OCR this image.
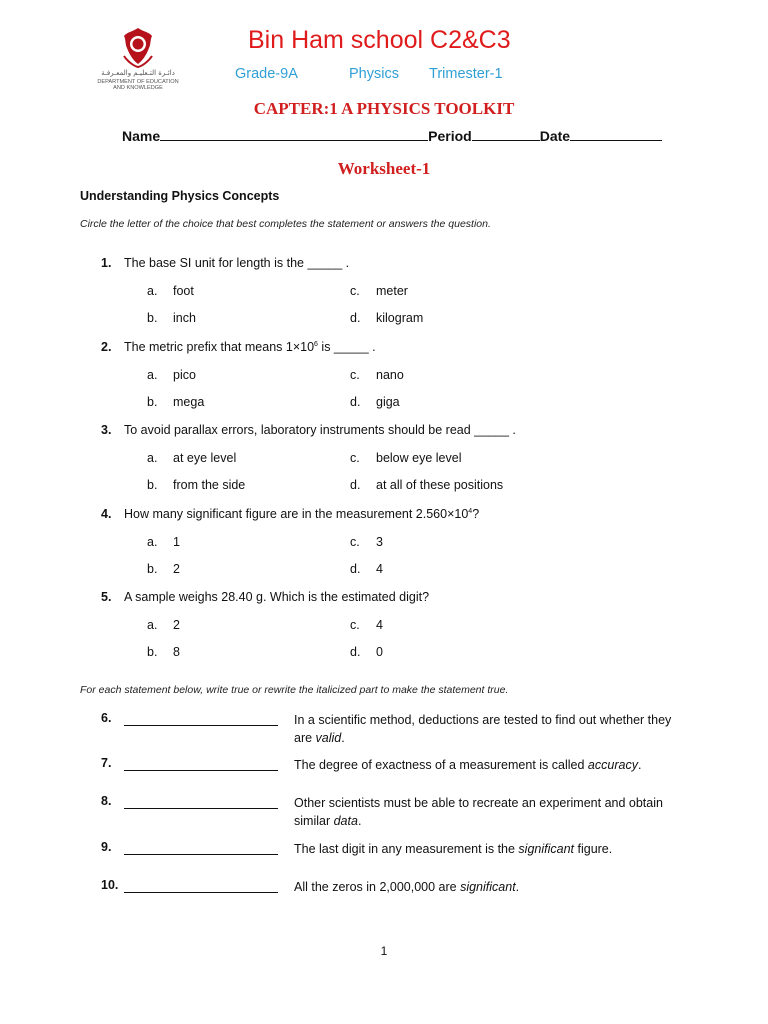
دائـرة التـعليـم والمعـرفـة
DEPARTMENT OF EDUCATION
AND KNOWLEDGE
Bin Ham school C2&C3
Grade-9A	Physics Trimester-1
CAPTER:1 A PHYSICS TOOLKIT
Name	Period	Date
Worksheet-1
Understanding Physics Concepts
Circle the letter of the choice that best completes the statement or answers the question.
1. The base SI unit for length is the _____ .
a. foot	c. meter
b. inch	d. kilogram
2. The metric prefix that means $1\times 10^6$ is _____ .
a. pico	c. nano
b. mega	d. giga
3. To avoid parallax errors, laboratory instruments should be read _____ .
a. at eye level	c. below eye level
b. from the side	d. at all of these positions
4. How many significant figure are in the measurement $2.560\times 10^4$?
a. 1	c. 3
b. 2	d. 4
5. A sample weighs 28.40 g. Which is the estimated digit?
a. 2	c. 4
b. 8	d. 0
For each statement below, write true or rewrite the italicized part to make the statement true.
6.	In a scientific method, deductions are tested to find out whether they are valid.
7.	The degree of exactness of a measurement is called accuracy.
8.	Other scientists must be able to recreate an experiment and obtain similar data.
9.	The last digit in any measurement is the significant figure.
10.	All the zeros in 2,000,000 are significant.
1
